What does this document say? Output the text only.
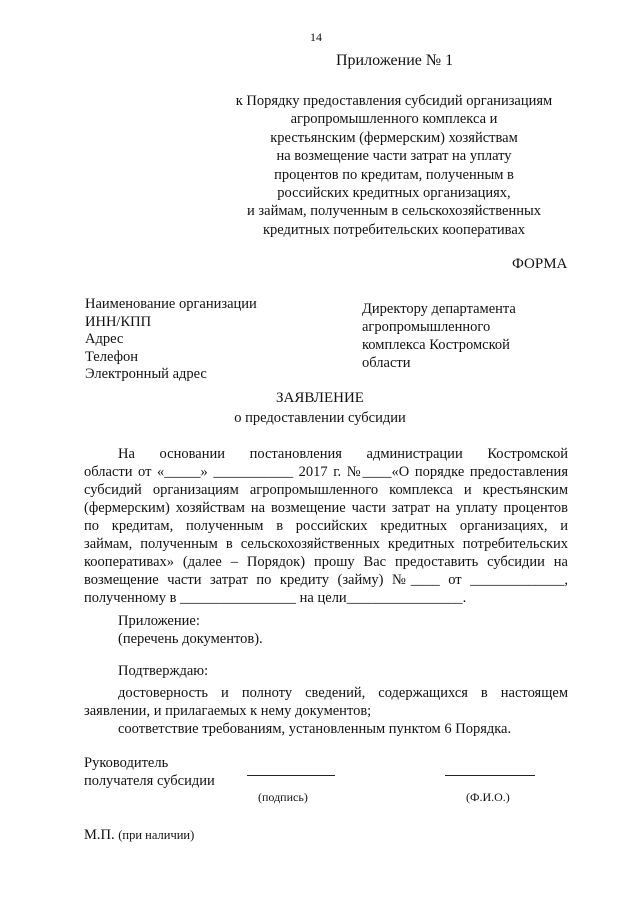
14
Приложение № 1
к Порядку предоставления субсидий организациям
агропромышленного комплекса и
крестьянским (фермерским) хозяйствам
на возмещение части затрат на уплату
процентов по кредитам, полученным в
российских кредитных организациях,
и займам, полученным в сельскохозяйственных
кредитных потребительских кооперативах
ФОРМА
Наименование организации
ИНН/КПП
Адрес
Телефон
Электронный адрес
Директору департамента
агропромышленного
комплекса Костромской
области
ЗАЯВЛЕНИЕ
о предоставлении субсидии
На основании постановления администрации Костромской
области от «_____» ___________ 2017 г. №____«О порядке предоставления
субсидий организациям агропромышленного комплекса и крестьянским
(фермерским) хозяйствам на возмещение части затрат на уплату процентов
по кредитам, полученным в российских кредитных организациях, и
займам, полученным в сельскохозяйственных кредитных потребительских
кооперативах» (далее – Порядок) прошу Вас предоставить субсидии на
возмещение части затрат по кредиту (займу) №____ от _____________,
полученному в ________________ на цели________________.
Приложение:
(перечень документов).
Подтверждаю:
достоверность и полноту сведений, содержащихся в настоящем
заявлении, и прилагаемых к нему документов;
соответствие требованиям, установленным пунктом 6 Порядка.
Руководитель
получателя субсидии
(подпись)	(Ф.И.О.)
М.П. (при наличии)
